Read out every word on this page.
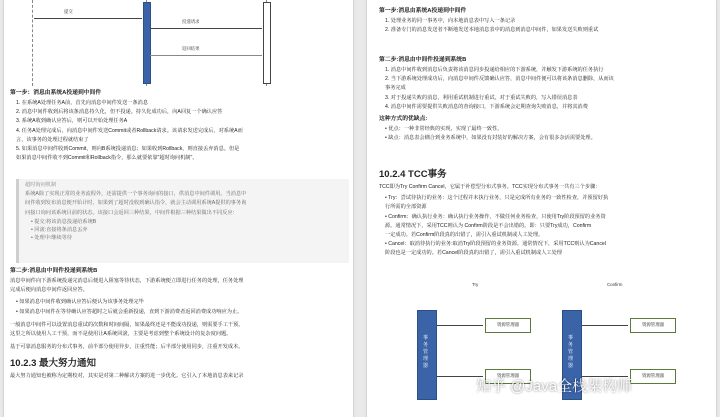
提交
投递请求
返回结果
第一步：消息由系统A投递到中间件
1. 在系统A处理任务A前，首先向消息中间件发送一条消息
2. 消息中间件收到后将该条消息持久化，但不投递。持久化成功后，向A回复一个确认应答
3. 系统A收到确认应答后，则可以开始处理任务A
4. 任务A处理完成后，向消息中间件发送Commit或者Rollback请求。该请求发送完成后，对系统A而
言，该事务的处理过程就结束了
5. 如果消息中间件收到Commit，则向B系统投递消息；如果收到Rollback，则直接丢弃消息。但是
如果消息中间件收不到Commit和Rollback指令，那么就要依靠"超时询问机制"。
超时询问机制
系统A除了实现正常的业务流程外，还需提供一个事务询问的接口，供消息中间件调用。当消息中
间件收到发布消息便开始计时，如果到了超时没收到确认指令，就会主动调用系统A提供的事务询
问接口询问该系统目前的状态。该接口会返回三种结果，中间件根据三种结果做出不同反应：
• 提交:将该消息投递给系统B
• 回滚:直接将条消息丢弃
• 处理中:继续等待
第二步:消息由中间件投递到系统B
消息中间件向下游系统投递完消息后便进入阻塞等待状态，下游系统便立即进行任务的处理，任务处理
完成后便向消息中间件返回应答。
• 如果消息中间件收到确认应答后便认为该事务处理完毕
• 如果消息中间件在等待确认应答超时之后就会重新投递，直到下游消费者返回消费成功响应为止。
一般消息中间件可以设置消息重试的次数和时间间隔，如果最终还是不能成功投递，则需要手工干预。
这里之所以使用人工干预，而不是使用让A系统回滚，主要是考虑到整个系统设计的复杂度问题。
基于可靠消息服务的分布式事务，前半部分使用异步，注重性能；后半部分使用同步，注重开发成本。
10.2.3 最大努力通知
最大努力通知也被称为定期校对，其实是对第二种解决方案的进一步优化。它引入了本地消息表来记录
第一步:消息由系统A投递到中间件
1. 处理业务的同一事务中，向本地消息表中写入一条记录
2. 准备专门的消息发送者不断地发送本地消息表中的消息到消息中间件，如果发送失败则重试
第二步:消息由中间件投递到系统B
1. 消息中间件收到消息后负责将该消息同步投递给相应的下游系统，并触发下游系统的任务执行
2. 当下游系统处理成功后，向消息中间件反馈确认应答，消息中间件便可以将该条消息删除，从而该
事务完成
3. 对于投递失败的消息，利用重试机制进行重试，对于重试失败的，写入错误消息表
4. 消息中间件需要提供失败消息的查询接口，下游系统会定期查询失败消息，并将其消费
这种方式的优缺点:
• 优点：一种非常经典的实现，实现了最终一致性。
• 缺点：消息表会耦合到业务系统中，如果没有封装好的解决方案，会有很多杂活需要处理。
10.2.4 TCC事务
TCC即为Try Confirm Cancel，它属于补偿型分布式事务。TCC实现分布式事务一共有三个步骤：
• Try：尝试待执行的业务：这个过程并未执行业务，只是完成所有业务的一致性检查，并预留好执
行所需的全部资源
• Confirm：确认执行业务：确认执行业务操作，不做任何业务检查，只使用Try阶段预留的业务资
源。通常情况下，采用TCC则认为 Confirm阶段是不会出错的。即：只要Try成功，Confirm
一定成功。若Confirm阶段真的出错了，需引入重试机制或人工处理。
• Cancel：取消待执行的业务:取消Try阶段预留的业务资源。通常情况下，采用TCC则认为Cancel
阶段也是一定成功的。若Cancel阶段真的出错了，需引入重试机制或人工处理
Try	Confirm
事务管理器
资源管理器
资源管理器
事务管理器
资源管理器
资源管理器
知乎 @Java全栈架构师
